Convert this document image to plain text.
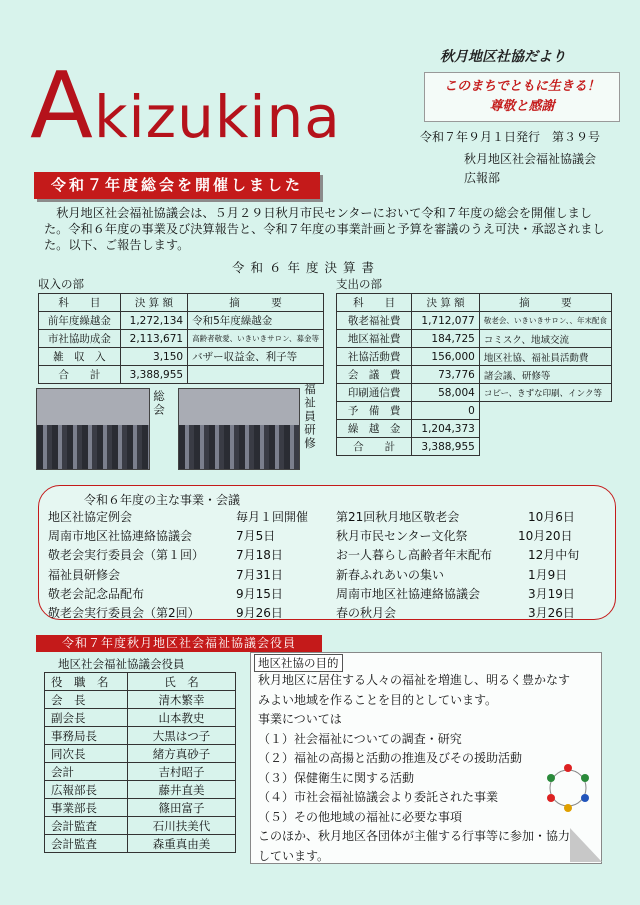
Akizukina
秋月地区社協だより
このまちでともに生きる！
尊敬と感謝
令和７年９月１日発行　第３９号
秋月地区社会福祉協議会
広報部
令和７年度総会を開催しました
秋月地区社会福祉協議会は、５月２９日秋月市民センターにおいて令和７年度の総会を開催しました。令和６年度の事業及び決算報告と、令和７年度の事業計画と予算を審議のうえ可決・承認されました。以下、ご報告します。
令和６年度決算書
収入の部	支出の部
科　　目	決 算 額	摘　　　要
前年度繰越金	1,272,134	令和5年度繰越金
市社協助成金	2,113,671	高齢者敬愛、いきいきサロン、募金等
雑　収　入	3,150	バザー収益金、利子等
合　　計	3,388,955	
科　　目	決 算 額	摘　　　要
敬老福祉費	1,712,077	敬老会、いきいきサロン、、年末配食
地区福祉費	184,725	コミスク、地域交流
社協活動費	156,000	地区社協、福祉員活動費
会　議　費	73,776	諸会議、研修等
印刷通信費	58,004	コピー、きずな印刷、インク等
予　備　費	0	
繰　越　金	1,204,373	
合　　計	3,388,955	
総会	福祉員研修
令和６年度の主な事業・会議
地区社協定例会	毎月１回開催
周南市地区社協連絡協議会	7月5日
敬老会実行委員会（第１回）	7月18日
福祉員研修会	7月31日
敬老会記念品配布	9月15日
敬老会実行委員会（第2回）	9月26日
第21回秋月地区敬老会	10月6日
秋月市民センター文化祭	10月20日
お一人暮らし高齢者年末配布	12月中旬
新春ふれあいの集い	1月9日
周南市地区社協連絡協議会	3月19日
春の秋月会	3月26日
令和７年度秋月地区社会福祉協議会役員
地区社会福祉協議会役員
役　職　名	氏　名
会　長	清木繁幸
副会長	山本教史
事務局長	大黒はつ子
同次長	緒方真砂子
会計	吉村昭子
広報部長	藤井直美
事業部長	篠田富子
会計監査	石川扶美代
会計監査	森重真由美
地区社協の目的
秋月地区に居住する人々の福祉を増進し、明るく豊かなすみよい地域を作ることを目的としています。
事業については
（１）社会福祉についての調査・研究
（２）福祉の高揚と活動の推進及びその援助活動
（３）保健衛生に関する活動
（４）市社会福祉協議会より委託された事業
（５）その他地域の福祉に必要な事項
このほか、秋月地区各団体が主催する行事等に参加・協力しています。
